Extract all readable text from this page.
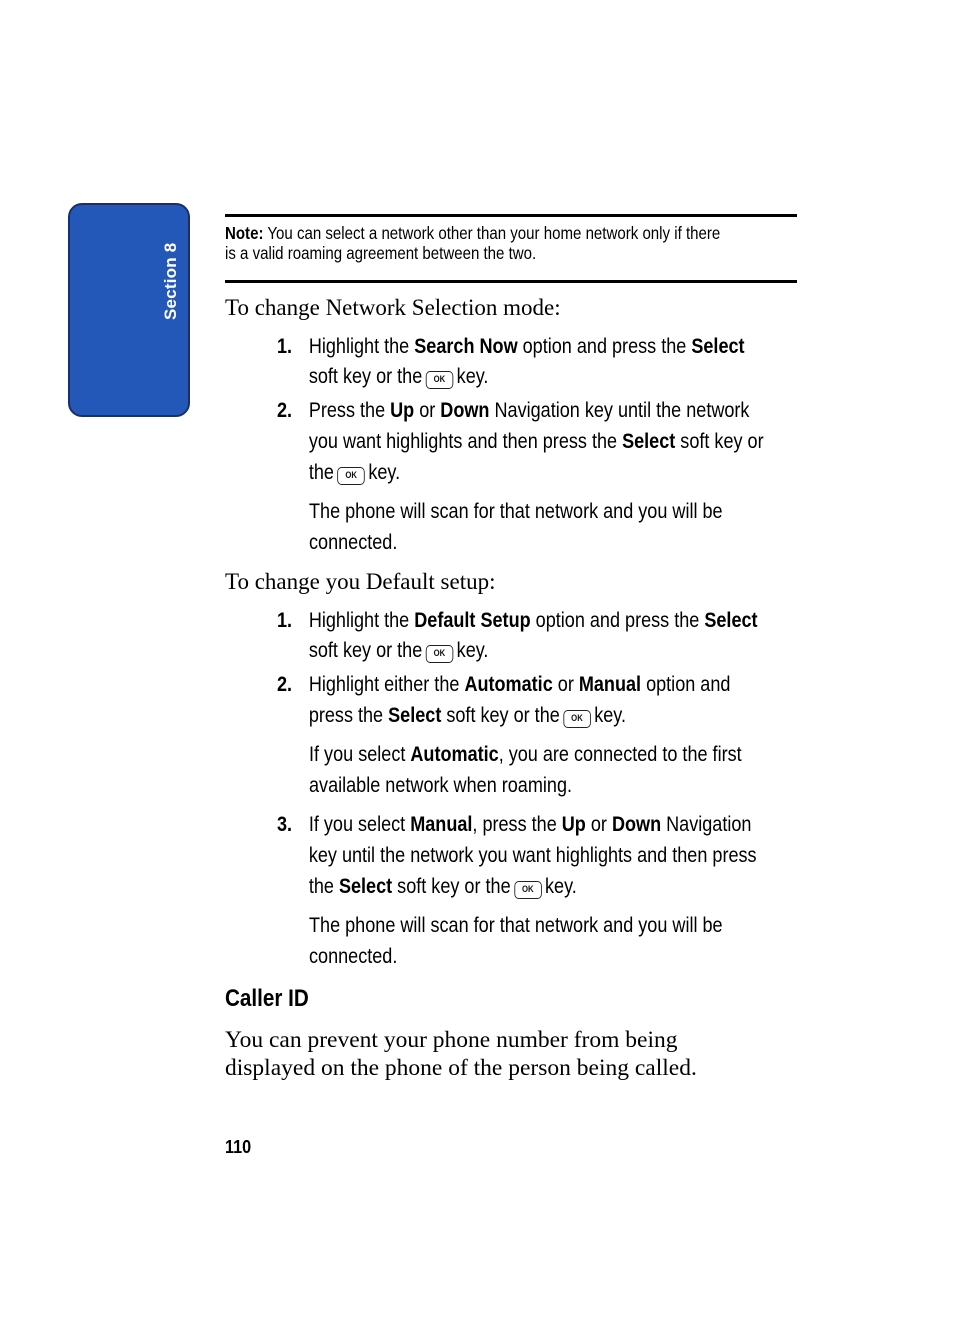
Section 8
Note: You can select a network other than your home network only if there
is a valid roaming agreement between the two.
To change Network Selection mode:
1. Highlight the Search Now option and press the Select
soft key or the OK key.
2. Press the Up or Down Navigation key until the network
you want highlights and then press the Select soft key or
the OK key.
The phone will scan for that network and you will be
connected.
To change you Default setup:
1. Highlight the Default Setup option and press the Select
soft key or the OK key.
2. Highlight either the Automatic or Manual option and
press the Select soft key or the OK key.
If you select Automatic, you are connected to the first
available network when roaming.
3. If you select Manual, press the Up or Down Navigation
key until the network you want highlights and then press
the Select soft key or the OK key.
The phone will scan for that network and you will be
connected.
Caller ID
You can prevent your phone number from being
displayed on the phone of the person being called.
110
